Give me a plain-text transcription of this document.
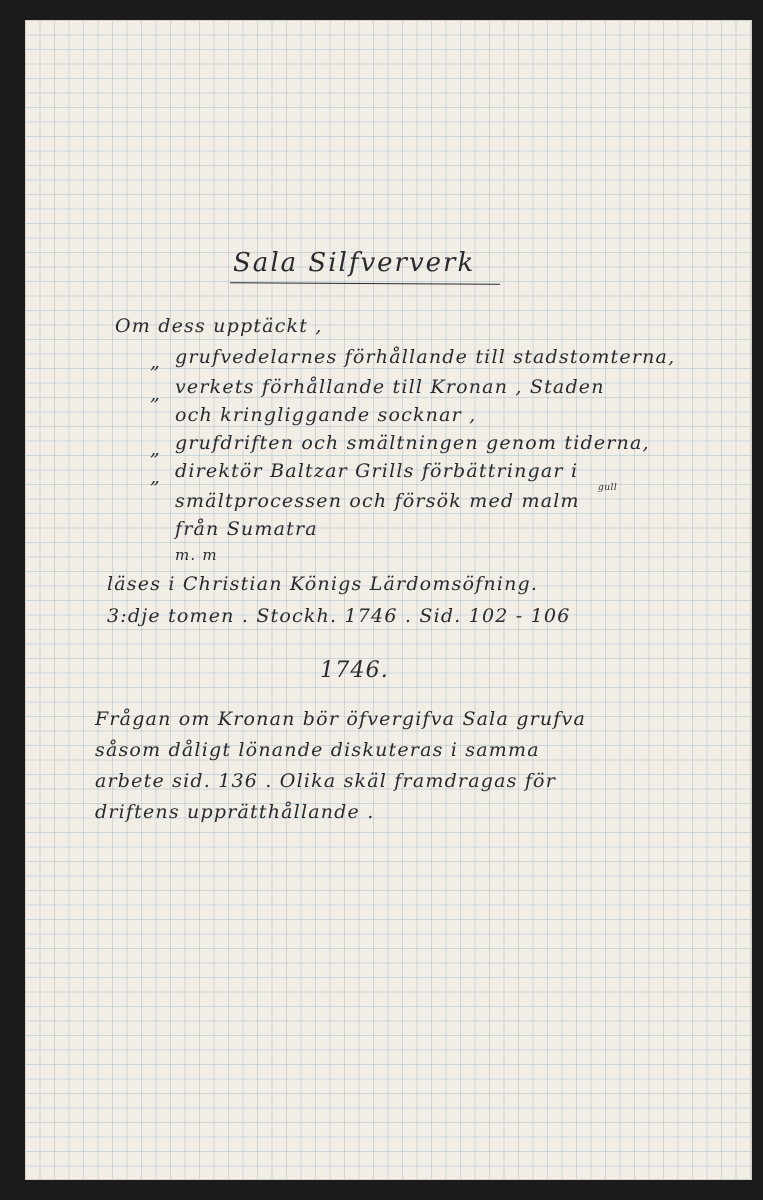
Sala Silfververk
Om dess upptäckt ,
„ grufvedelarnes förhållande till stadstomterna,
„ verkets förhållande till Kronan , Staden
och kringliggande socknar ,
„ grufdriften och smältningen genom tiderna,
„ direktör Baltzar Grills förbättringar i
gull
smältprocessen och försök med malm
från Sumatra
m. m
läses i Christian Königs Lärdomsöfning.
3:dje tomen . Stockh. 1746 . Sid. 102 - 106
1746.
Frågan om Kronan bör öfvergifva Sala grufva
såsom dåligt lönande diskuteras i samma
arbete sid. 136 . Olika skäl framdragas för
driftens upprätthållande .
